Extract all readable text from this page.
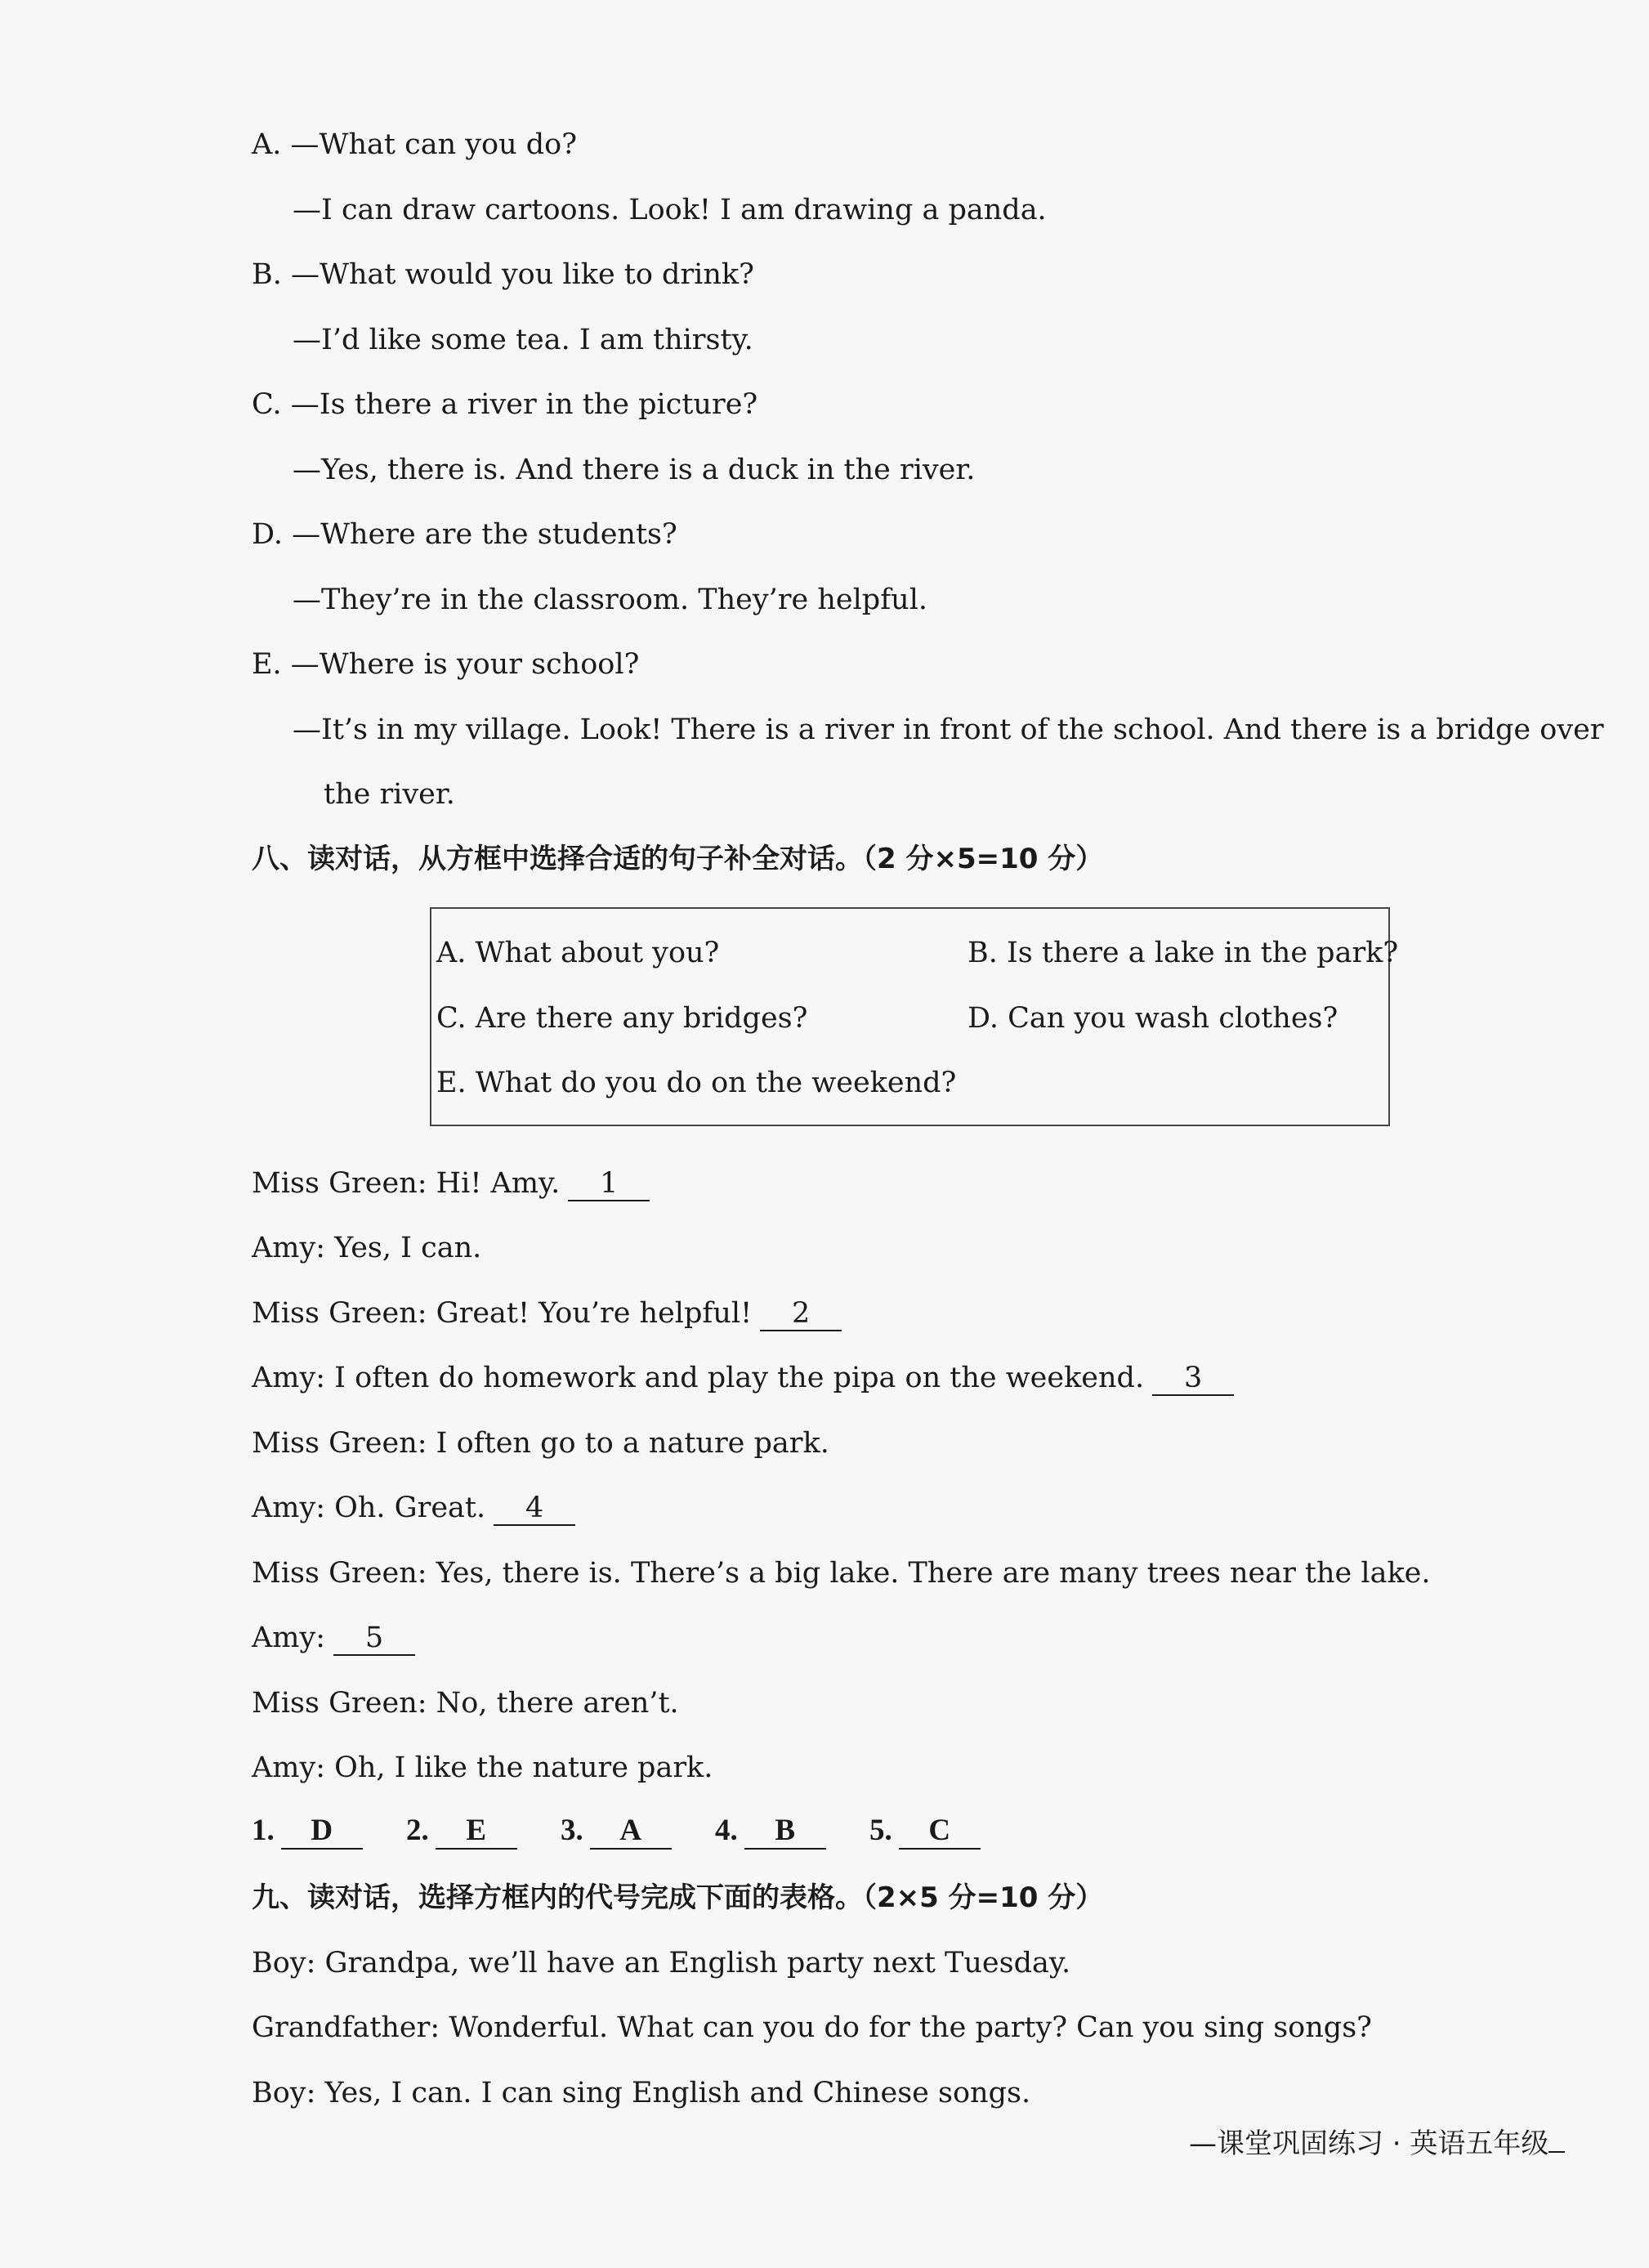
A. —What can you do?
—I can draw cartoons. Look! I am drawing a panda.
B. —What would you like to drink?
—I’d like some tea. I am thirsty.
C. —Is there a river in the picture?
—Yes, there is. And there is a duck in the river.
D. —Where are the students?
—They’re in the classroom. They’re helpful.
E. —Where is your school?
—It’s in my village. Look! There is a river in front of the school. And there is a bridge over
the river.
八、读对话，从方框中选择合适的句子补全对话。（2 分×5=10 分）
A. What about you?	B. Is there a lake in the park?
C. Are there any bridges?	D. Can you wash clothes?
E. What do you do on the weekend?
Miss Green: Hi! Amy. 1
Amy: Yes, I can.
Miss Green: Great! You’re helpful! 2
Amy: I often do homework and play the pipa on the weekend. 3
Miss Green: I often go to a nature park.
Amy: Oh. Great. 4
Miss Green: Yes, there is. There’s a big lake. There are many trees near the lake.
Amy: 5
Miss Green: No, there aren’t.
Amy: Oh, I like the nature park.
1. D 2. E 3. A 4. B 5. C
九、读对话，选择方框内的代号完成下面的表格。（2×5 分=10 分）
Boy: Grandpa, we’ll have an English party next Tuesday.
Grandfather: Wonderful. What can you do for the party? Can you sing songs?
Boy: Yes, I can. I can sing English and Chinese songs.
—课堂巩固练习 · 英语五年级
